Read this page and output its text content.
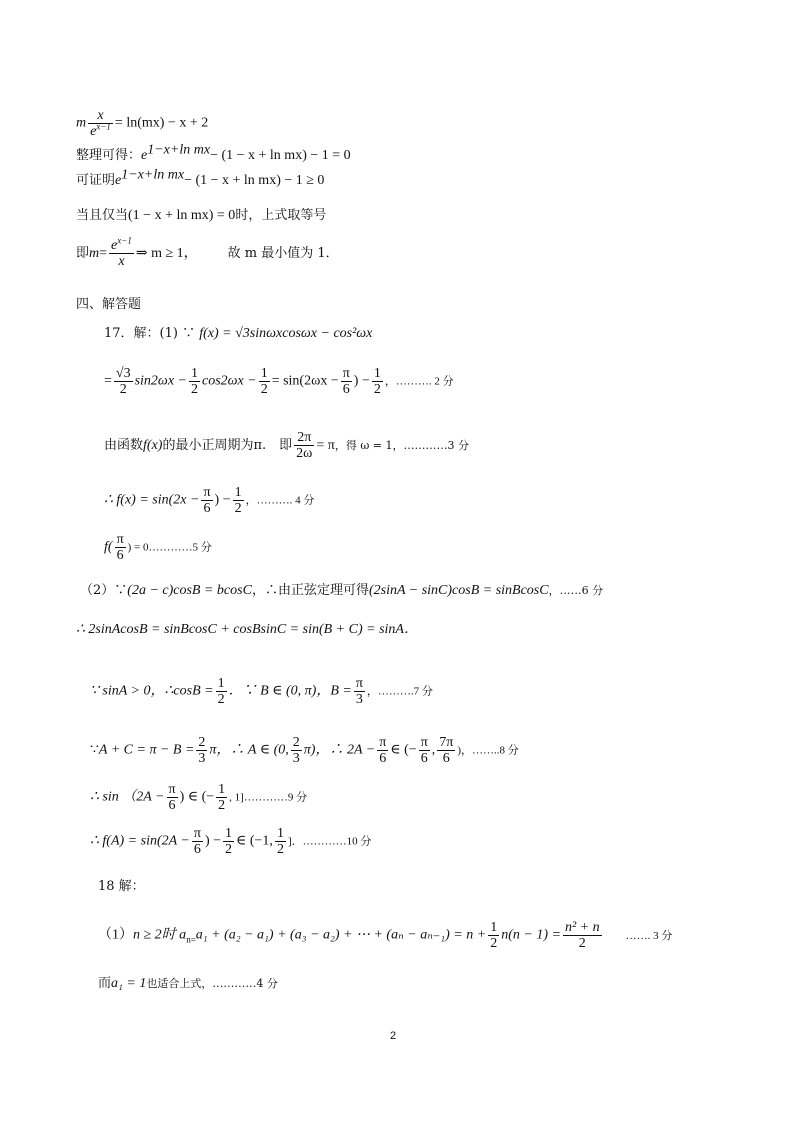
m $\frac{x}{e^{x-1}} = \ln(mx) - x + 2$
整理可得：$e^{1-x+ln mx}- (1 - x + \ln mx) - 1 = 0$
可证明$e^{1-x+ln mx}- (1 - x + \ln mx) - 1 \ge 0$
当且仅当(1 − x + ln mx) = 0时，上式取等号
即$m= \frac{e^{x-1}}{x}$ ⇒ m ≥ 1， 故 m 最小值为 1．
四、解答题
17．解：(1) ∵ f(x) = √3sinωxcosωx − cos²ωx
= $\frac{√3}{2} \sin 2\omega x - \frac{1}{2} \cos 2\omega x - \frac{1}{2} = \sin(2\omega x - \frac{\pi}{6}$ ) − $\frac{1}{2}$ ，………. 2 分
由函数f(x)的最小正周期为π.　即 $\frac{2\pi}{2\omega} = \pi$，得 ω = 1，…………3 分
∴ $f(x) = \sin(2x - \frac{\pi}{6}$ ) − $\frac{1}{2}$ ，………. 4 分
$f( \frac{\pi}{6}$ ) = 0…………5 分
（2）∵(2a − c)cosB = bcosC，∴由正弦定理可得(2sinA − sinC)cosB = sinBcosC，……6 分
∴ 2sinAcosB = sinBcosC + cosBsinC = sin(B + C) = sinA．
∵ sinA > 0，∴cosB = $\frac{1}{2}$ ．∵ B ∈ (0, π)，$B = \frac{\pi}{3}$ ，……….7 分
∵A + $C = \pi - B = \frac{2}{3}$ π，∴ A ∈ (0, $\frac{2}{3} \pi$)，∴ $2A - \frac{\pi}{6}$ ∈ (− $\frac{\pi}{6}$ , $\frac{7\pi}{6}$ )，……..8 分
∴ $\sin (2A - \frac{\pi}{6}$ ) ∈ (− $\frac{1}{2}$ , 1]…………9 分
∴ $f(A) = \sin(2A - \frac{\pi}{6}$ ) − $\frac{1}{2}$ ∈ (−1, $\frac{1}{2}$ ]．…………10 分
18 解：
（1）n ≥ 2时 $a_{n=}a_1 + (a_2 - a_1) + (a_3 - a_2)$ + ⋯ + $(a_n - a_{n-1}) = n + \frac{1}{2} n(n - 1) = \frac{\text{n² + n}}{2}$ ……. 3 分
而a₁ = 1也适合上式，…………4 分
2
